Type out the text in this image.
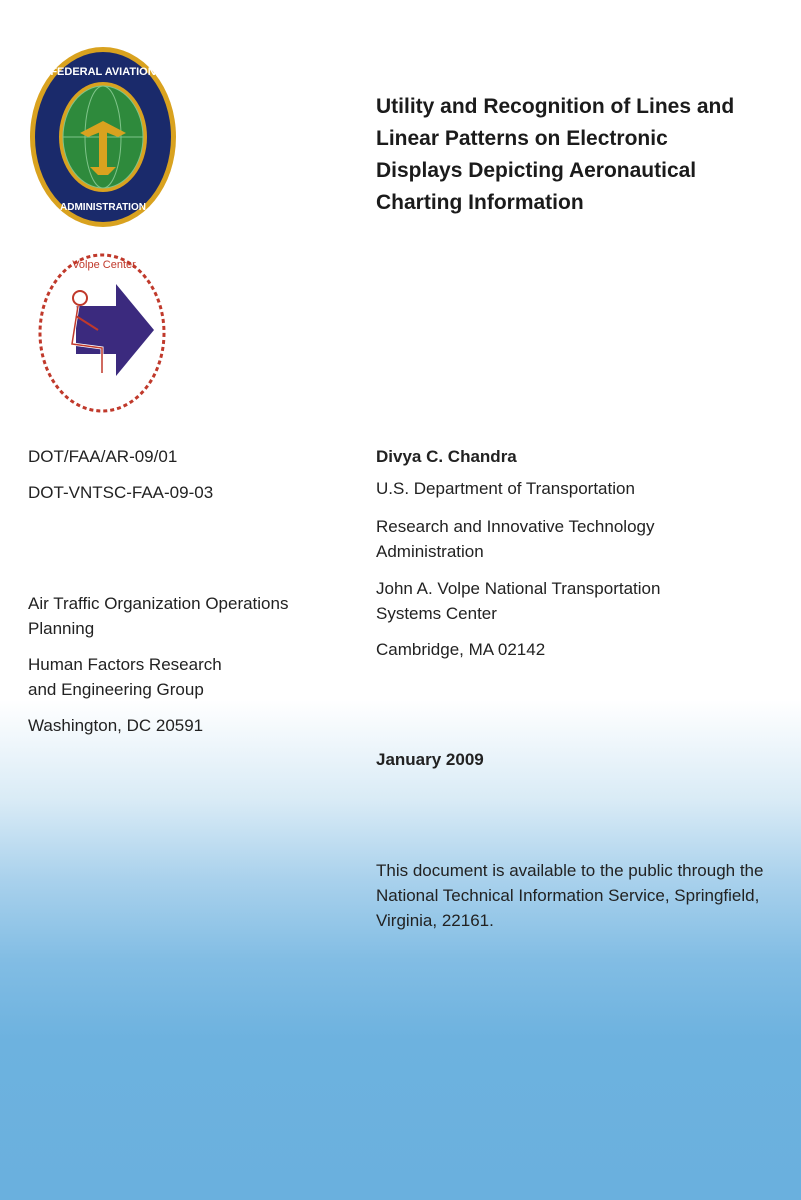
FEDERAL AVIATION
ADMINISTRATION
Volpe Center
Utility and Recognition of Lines and
Linear Patterns on Electronic
Displays Depicting Aeronautical
Charting Information
DOT/FAA/AR-09/01
DOT-VNTSC-FAA-09-03
Air Traffic Organization Operations
Planning
Human Factors Research
and Engineering Group
Washington, DC 20591
Divya C. Chandra
U.S. Department of Transportation
Research and Innovative Technology
Administration
John A. Volpe National Transportation
Systems Center
Cambridge, MA 02142
January 2009
This document is available to the public through the
National Technical Information Service, Springfield,
Virginia, 22161.
